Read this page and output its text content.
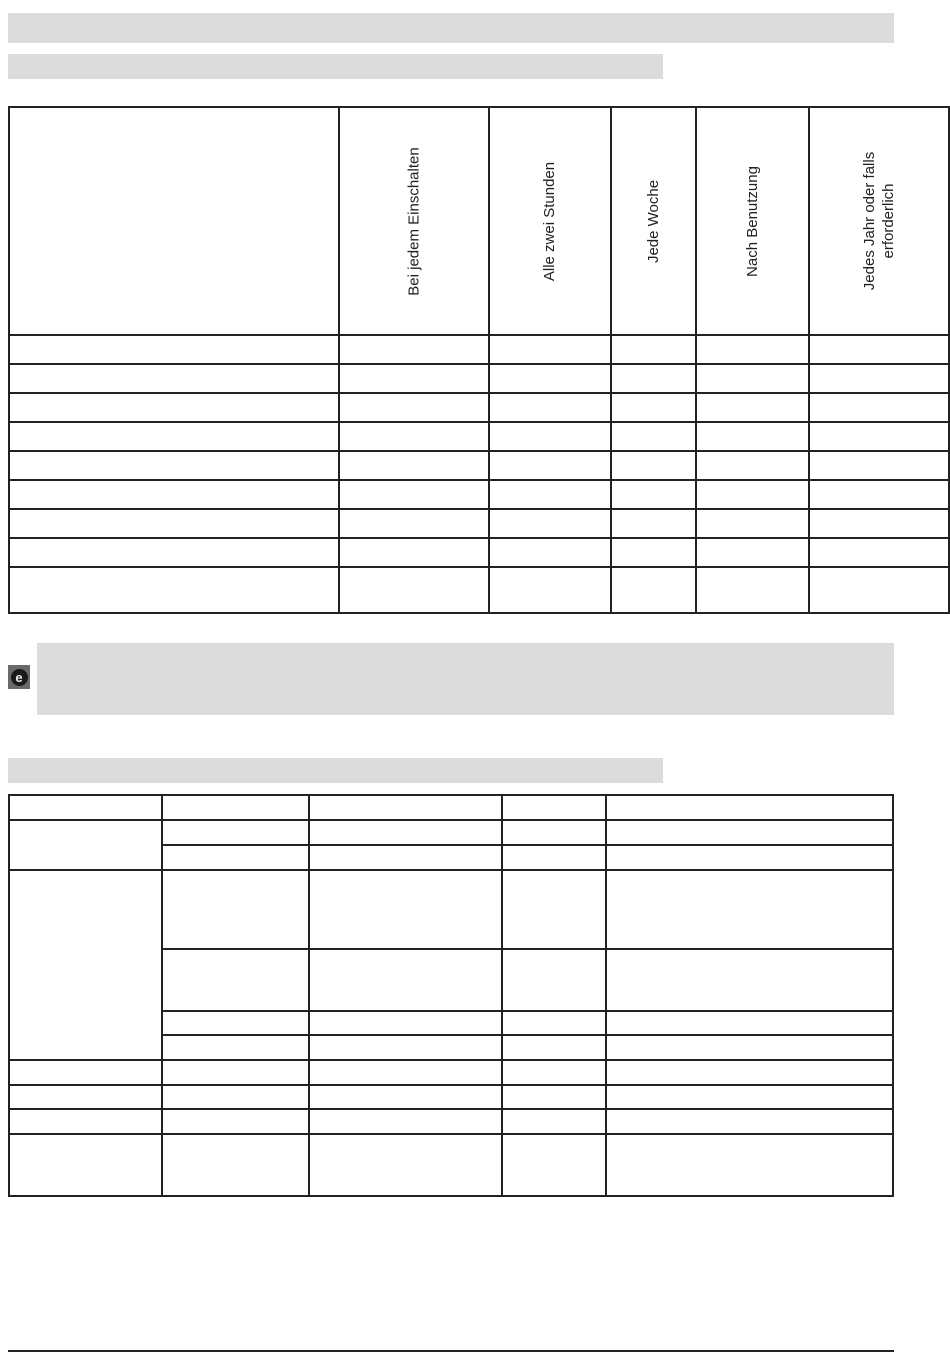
	Bei jedem Einschalten	Alle zwei Stunden	Jede Woche	Nach Benutzung	Jedes Jahr oder falls erforderlich

e
